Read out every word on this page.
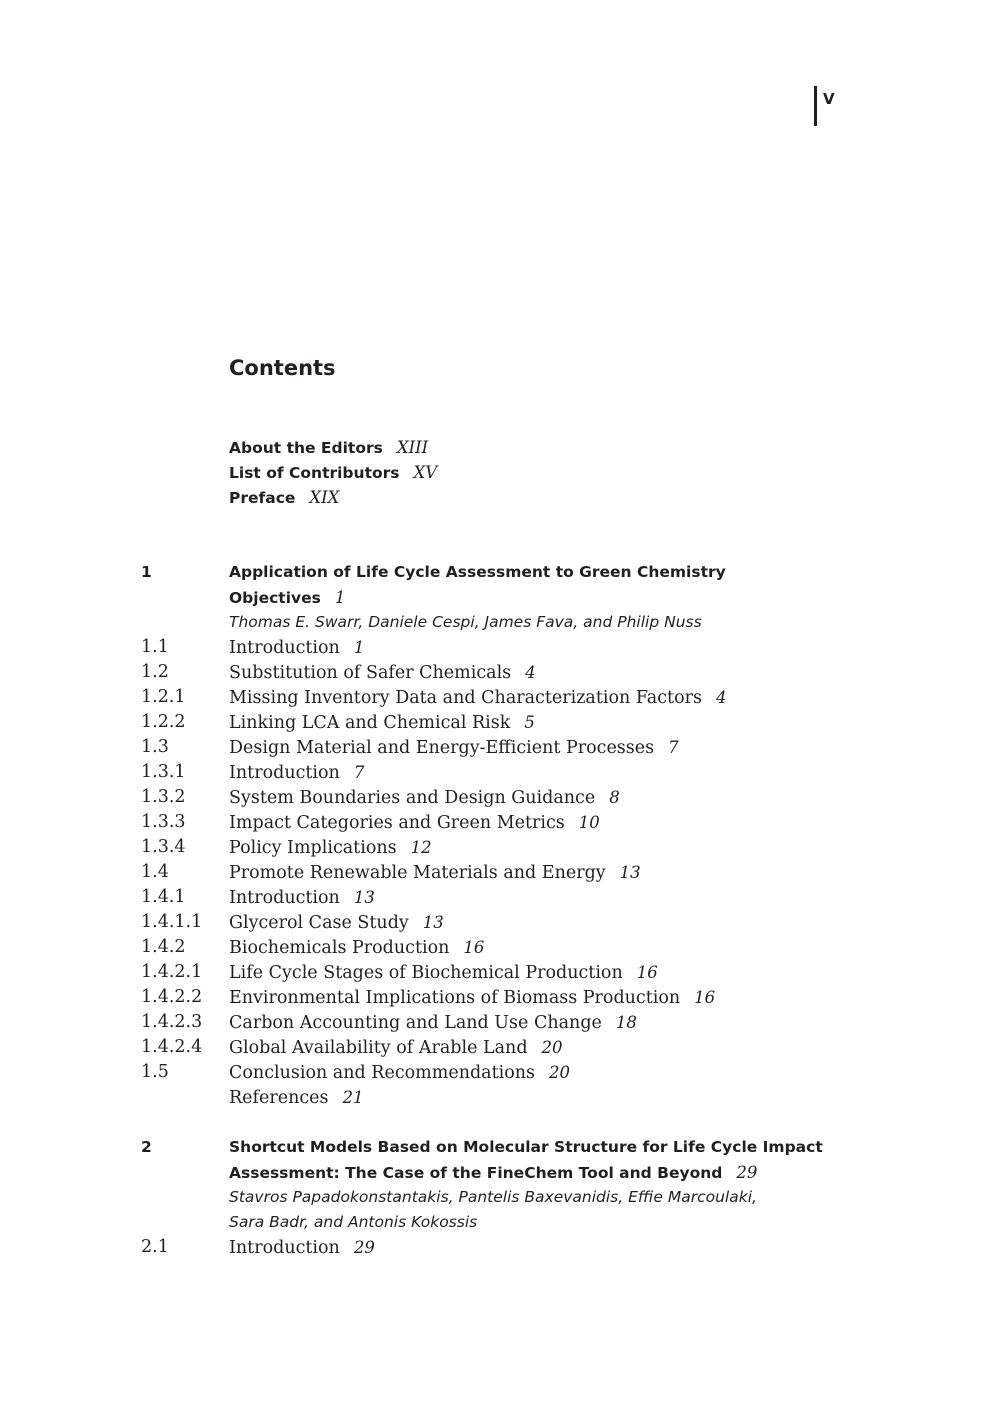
V
Contents
About the Editors XIII
List of Contributors XV
Preface XIX
1	Application of Life Cycle Assessment to Green Chemistry
Objectives 1
Thomas E. Swarr, Daniele Cespi, James Fava, and Philip Nuss
1.1	Introduction 1
1.2	Substitution of Safer Chemicals 4
1.2.1 Missing Inventory Data and Characterization Factors 4
1.2.2 Linking LCA and Chemical Risk 5
1.3	Design Material and Energy-Efficient Processes 7
1.3.1 Introduction 7
1.3.2 System Boundaries and Design Guidance 8
1.3.3 Impact Categories and Green Metrics 10
1.3.4 Policy Implications 12
1.4	Promote Renewable Materials and Energy 13
1.4.1 Introduction 13
1.4.1.1 Glycerol Case Study 13
1.4.2 Biochemicals Production 16
1.4.2.1 Life Cycle Stages of Biochemical Production 16
1.4.2.2 Environmental Implications of Biomass Production 16
1.4.2.3 Carbon Accounting and Land Use Change 18
1.4.2.4 Global Availability of Arable Land 20
1.5	Conclusion and Recommendations 20
References 21
2	Shortcut Models Based on Molecular Structure for Life Cycle Impact
Assessment: The Case of the FineChem Tool and Beyond 29
Stavros Papadokonstantakis, Pantelis Baxevanidis, Effie Marcoulaki,
Sara Badr, and Antonis Kokossis
2.1	Introduction 29
